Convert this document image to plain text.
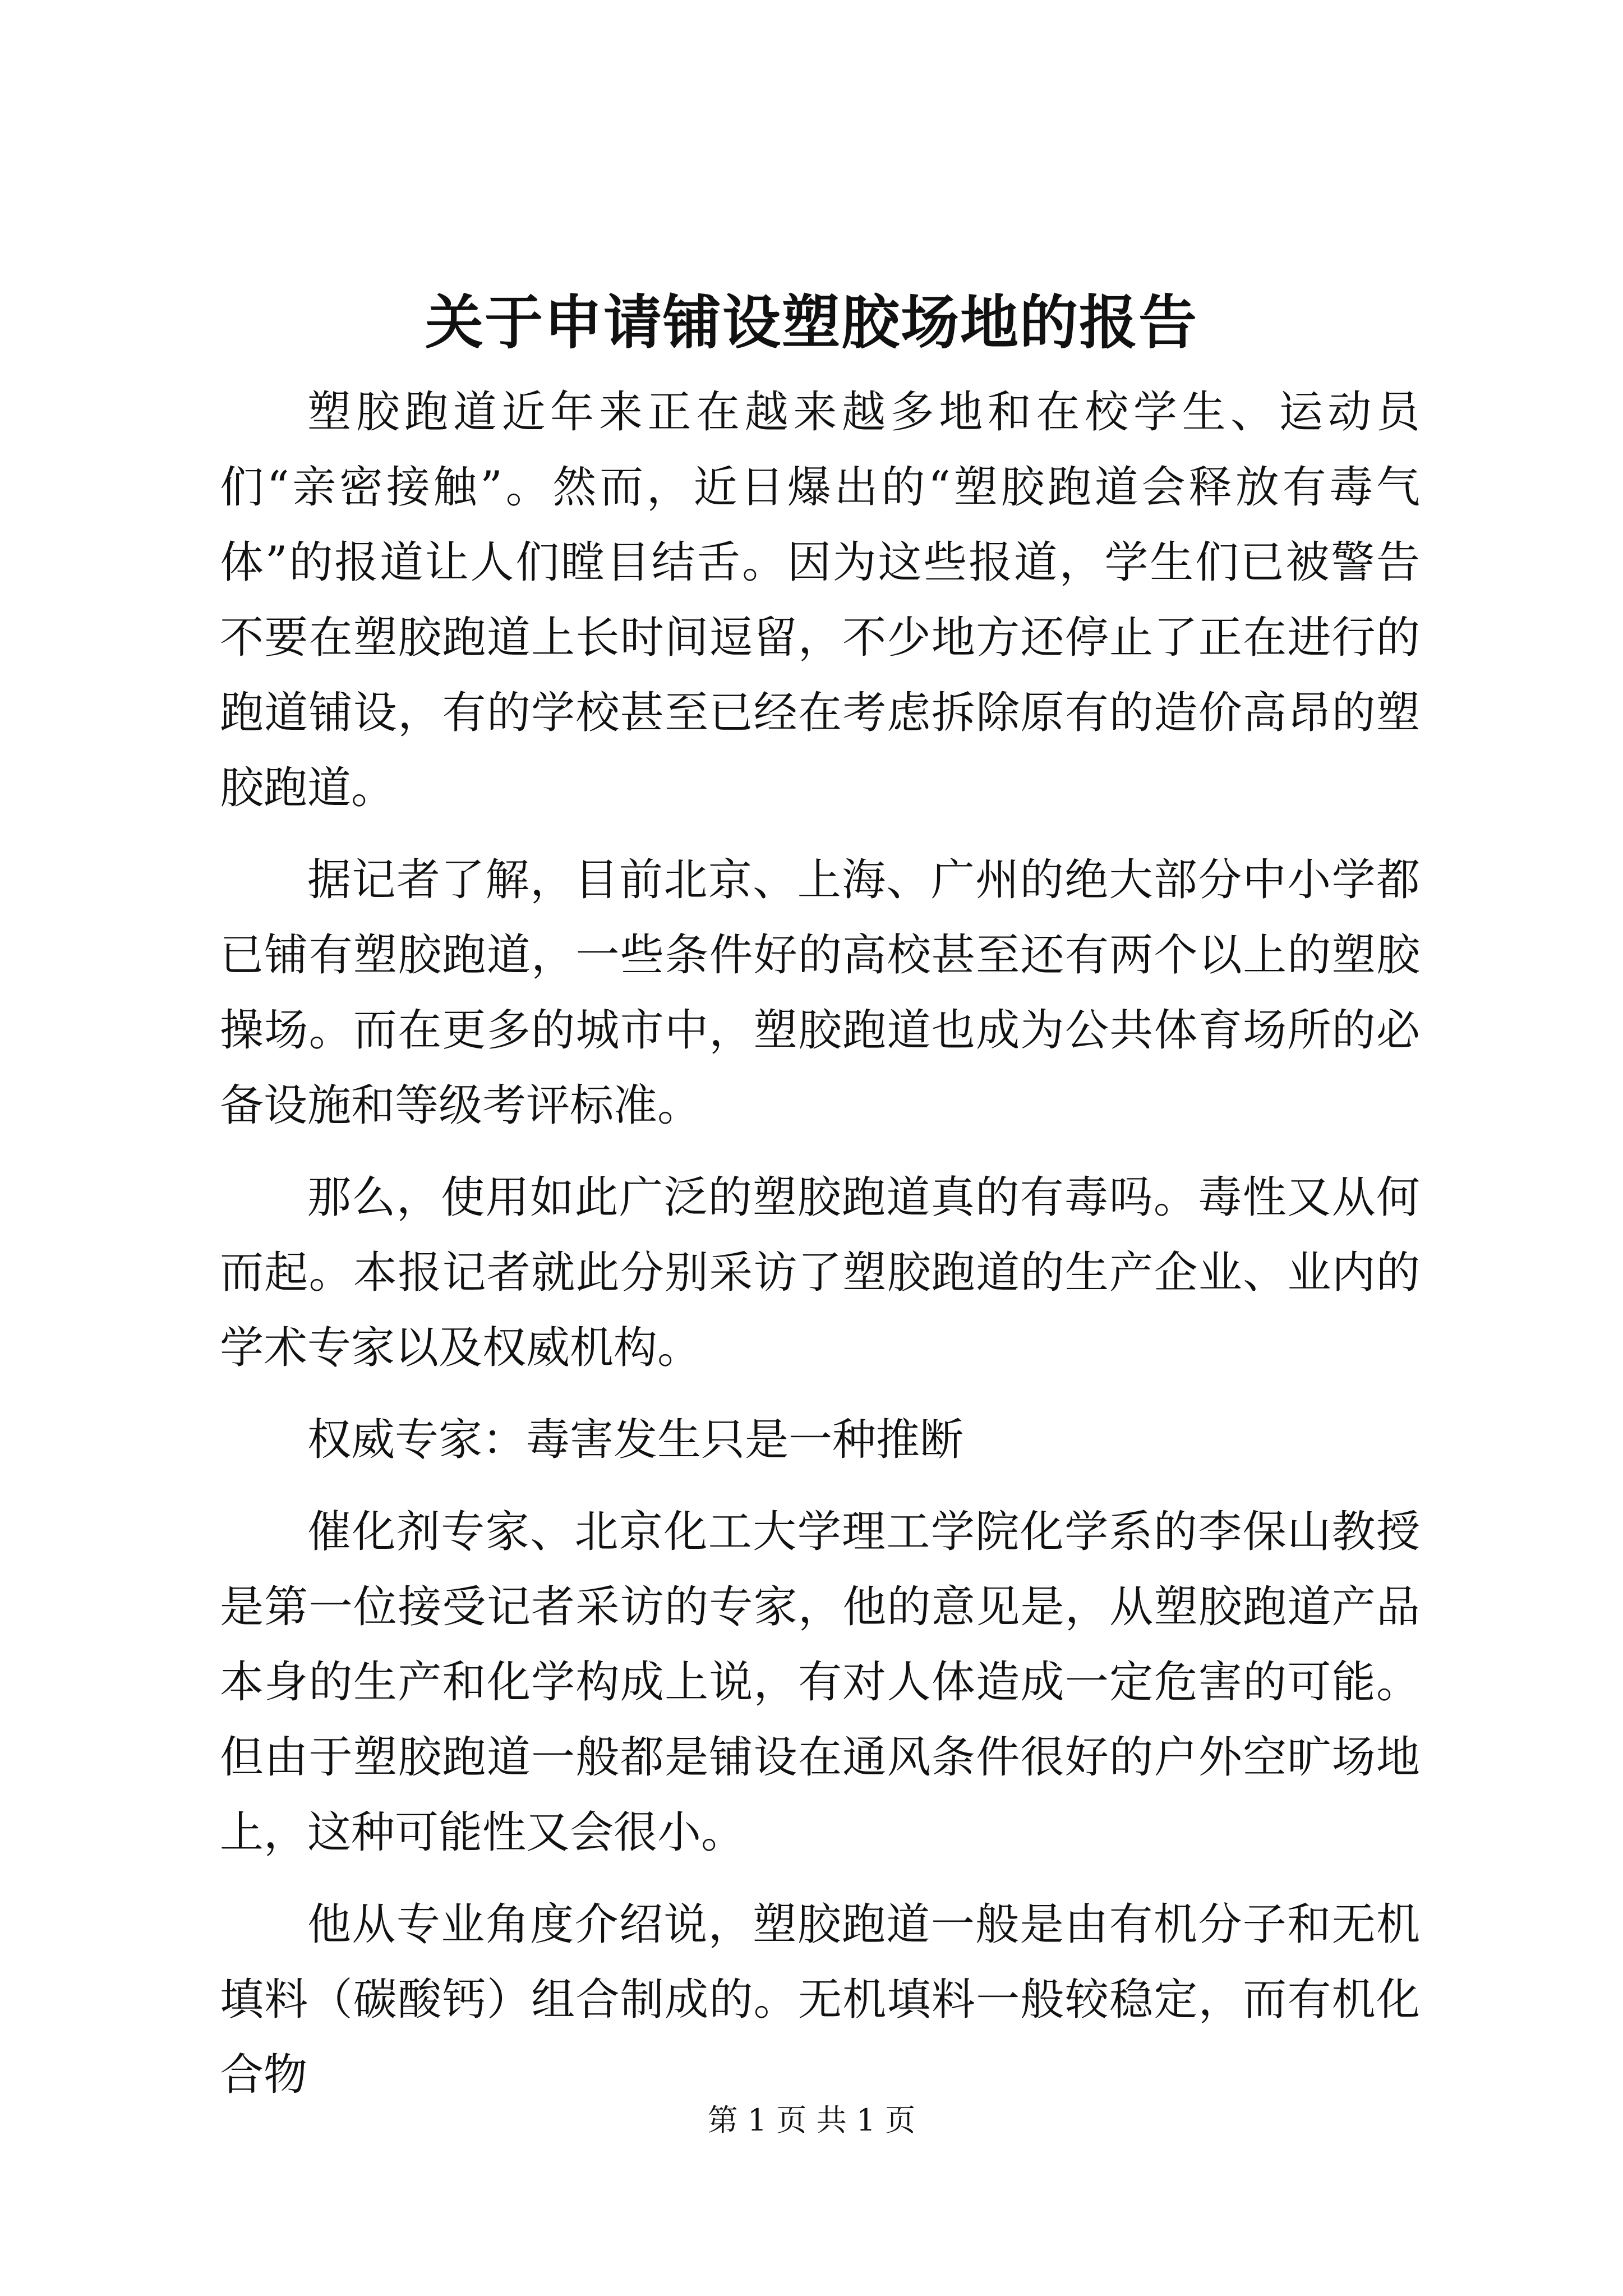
关于申请铺设塑胶场地的报告

塑胶跑道近年来正在越来越多地和在校学生、运动员们“亲密接触”。然而，近日爆出的“塑胶跑道会释放有毒气体”的报道让人们瞠目结舌。因为这些报道，学生们已被警告不要在塑胶跑道上长时间逗留，不少地方还停止了正在进行的跑道铺设，有的学校甚至已经在考虑拆除原有的造价高昂的塑胶跑道。

据记者了解，目前北京、上海、广州的绝大部分中小学都已铺有塑胶跑道，一些条件好的高校甚至还有两个以上的塑胶操场。而在更多的城市中，塑胶跑道也成为公共体育场所的必备设施和等级考评标准。

那么，使用如此广泛的塑胶跑道真的有毒吗。毒性又从何而起。本报记者就此分别采访了塑胶跑道的生产企业、业内的学术专家以及权威机构。

权威专家：毒害发生只是一种推断

催化剂专家、北京化工大学理工学院化学系的李保山教授是第一位接受记者采访的专家，他的意见是，从塑胶跑道产品本身的生产和化学构成上说，有对人体造成一定危害的可能。但由于塑胶跑道一般都是铺设在通风条件很好的户外空旷场地上，这种可能性又会很小。

他从专业角度介绍说，塑胶跑道一般是由有机分子和无机填料（碳酸钙）组合制成的。无机填料一般较稳定，而有机化合物

第 1 页 共 1 页
